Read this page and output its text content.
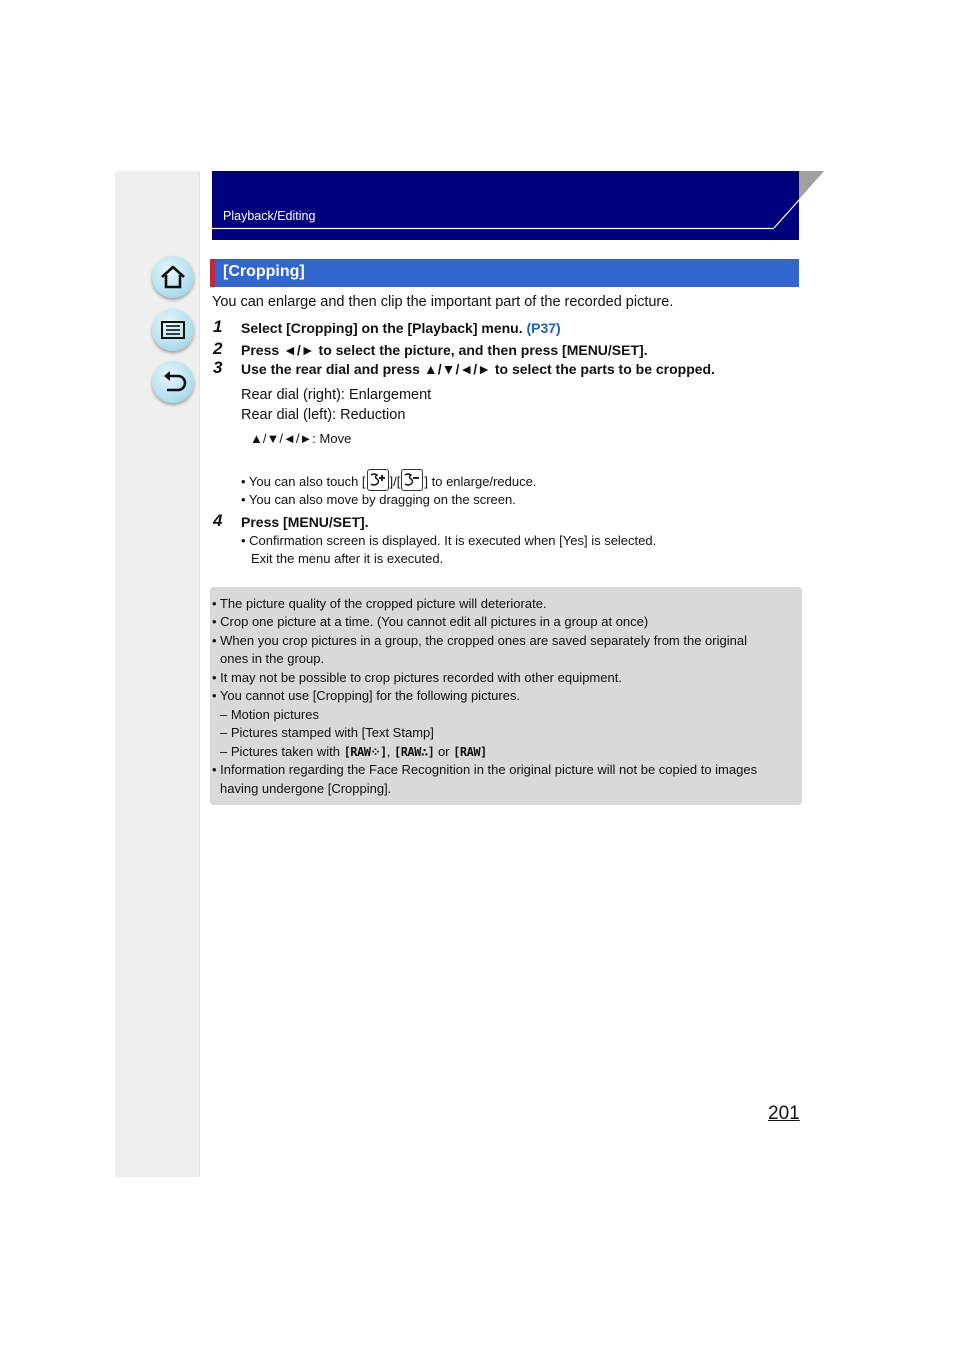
Playback/Editing
[Cropping]
You can enlarge and then clip the important part of the recorded picture.
1 Select [Cropping] on the [Playback] menu. (P37)
2 Press ◄/► to select the picture, and then press [MENU/SET].
3 Use the rear dial and press ▲/▼/◄/► to select the parts to be cropped.
Rear dial (right): Enlargement
Rear dial (left): Reduction
▲/▼/◄/►: Move
• You can also touch [ ]/[ ] to enlarge/reduce.
• You can also move by dragging on the screen.
4 Press [MENU/SET].
• Confirmation screen is displayed. It is executed when [Yes] is selected.
Exit the menu after it is executed.
• The picture quality of the cropped picture will deteriorate.
• Crop one picture at a time. (You cannot edit all pictures in a group at once)
• When you crop pictures in a group, the cropped ones are saved separately from the original
ones in the group.
• It may not be possible to crop pictures recorded with other equipment.
• You cannot use [Cropping] for the following pictures.
– Motion pictures
– Pictures stamped with [Text Stamp]
– Pictures taken with [RAW⁘], [RAW∴] or [RAW]
• Information regarding the Face Recognition in the original picture will not be copied to images
having undergone [Cropping].
201
